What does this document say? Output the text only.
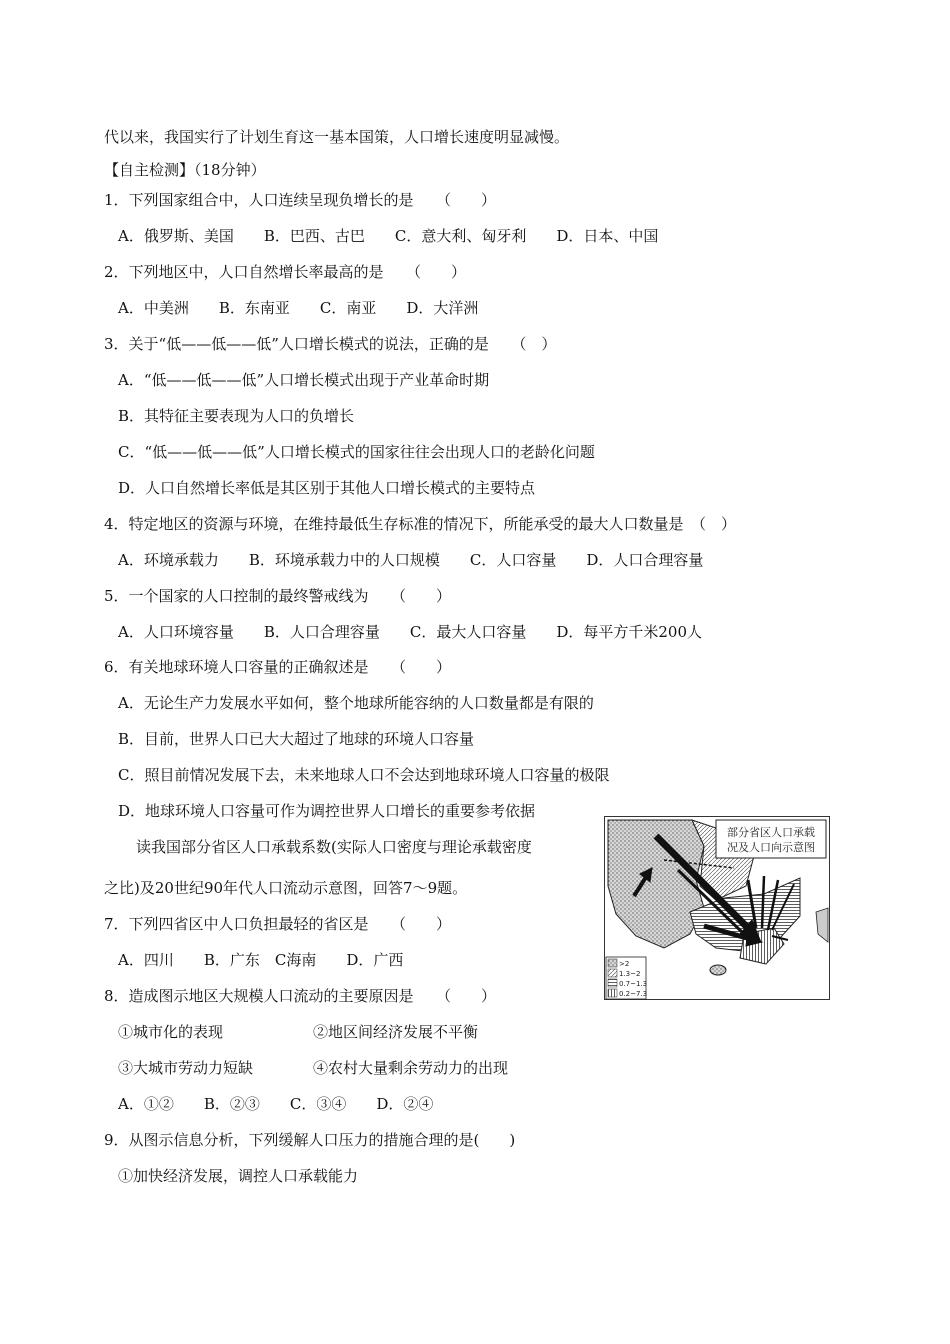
代以来，我国实行了计划生育这一基本国策，人口增长速度明显减慢。
【自主检测】（18分钟）
1．下列国家组合中，人口连续呈现负增长的是　　（　　）
A．俄罗斯、美国　　B．巴西、古巴　　C．意大利、匈牙利　　D．日本、中国
2．下列地区中，人口自然增长率最高的是　　（　　）
A．中美洲　　B．东南亚　　C．南亚　　D．大洋洲
3．关于“低——低——低”人口增长模式的说法，正确的是　　（　）
A．“低——低——低”人口增长模式出现于产业革命时期
B．其特征主要表现为人口的负增长
C．“低——低——低”人口增长模式的国家往往会出现人口的老龄化问题
D．人口自然增长率低是其区别于其他人口增长模式的主要特点
4．特定地区的资源与环境，在维持最低生存标准的情况下，所能承受的最大人口数量是　（　）
A．环境承载力　　B．环境承载力中的人口规模　　C．人口容量　　D．人口合理容量
5．一个国家的人口控制的最终警戒线为　　（　　）
A．人口环境容量　　B．人口合理容量　　C．最大人口容量　　D．每平方千米200人
6．有关地球环境人口容量的正确叙述是　　（　　）
A．无论生产力发展水平如何，整个地球所能容纳的人口数量都是有限的
B．目前，世界人口已大大超过了地球的环境人口容量
C．照目前情况发展下去，未来地球人口不会达到地球环境人口容量的极限
D．地球环境人口容量可作为调控世界人口增长的重要参考依据
读我国部分省区人口承载系数(实际人口密度与理论承载密度
之比)及20世纪90年代人口流动示意图，回答7～9题。
7．下列四省区中人口负担最轻的省区是　　（　　）
A．四川　　B．广东　C海南　　D．广西
8．造成图示地区大规模人口流动的主要原因是　　（　　）
①城市化的表现　　　　　　②地区间经济发展不平衡
③大城市劳动力短缺　　　　④农村大量剩余劳动力的出现
A．①②　　B．②③　　C．③④　　D．②④
9．从图示信息分析，下列缓解人口压力的措施合理的是(　　)
①加快经济发展，调控人口承载能力
部分省区人口承载
况及人口向示意图
>2
1.3~2
0.7~1.3
0.2~7.3
